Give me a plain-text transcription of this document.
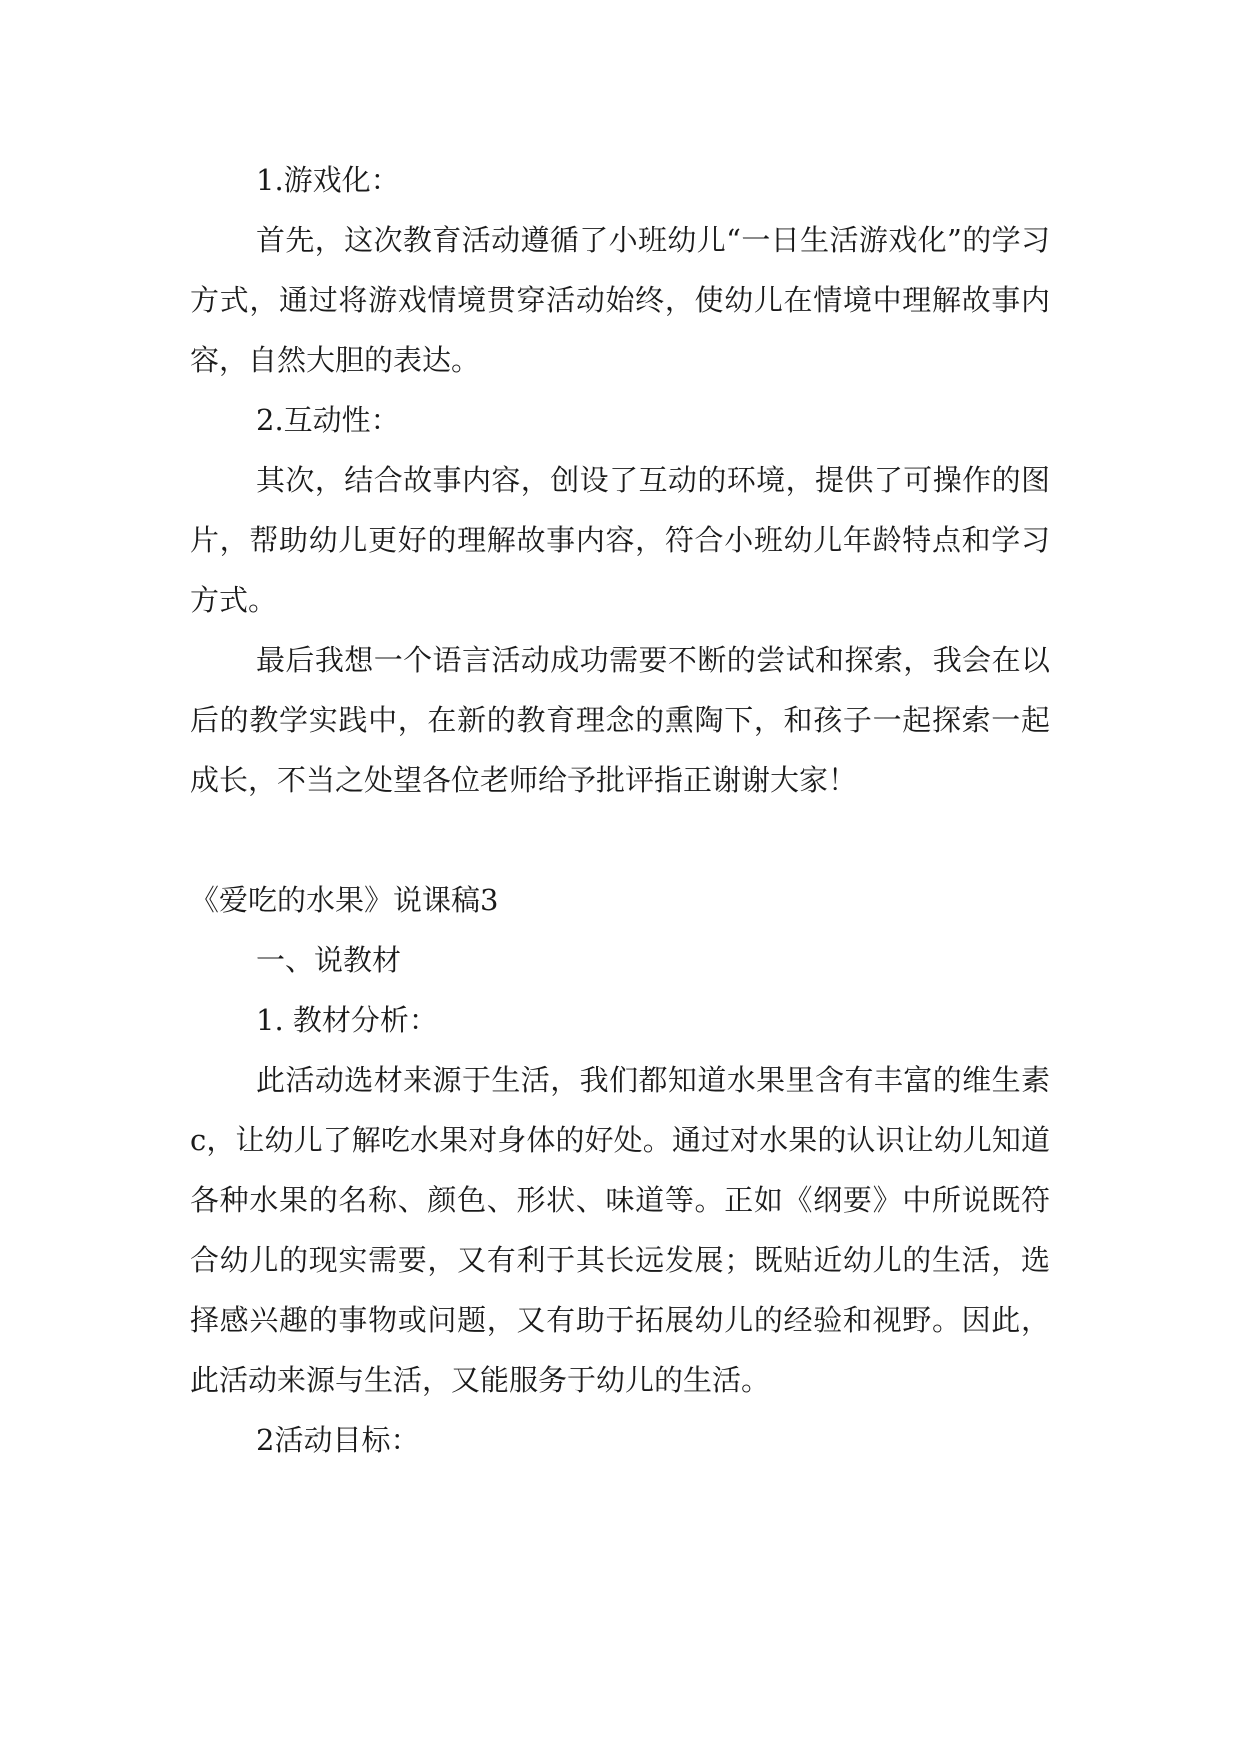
1.游戏化：
首先，这次教育活动遵循了小班幼儿“一日生活游戏化”的学习方式，通过将游戏情境贯穿活动始终，使幼儿在情境中理解故事内容，自然大胆的表达。
2.互动性：
其次，结合故事内容，创设了互动的环境，提供了可操作的图片，帮助幼儿更好的理解故事内容，符合小班幼儿年龄特点和学习方式。
最后我想一个语言活动成功需要不断的尝试和探索，我会在以后的教学实践中，在新的教育理念的熏陶下，和孩子一起探索一起成长，不当之处望各位老师给予批评指正谢谢大家！
《爱吃的水果》说课稿3
一、说教材
1. 教材分析：
此活动选材来源于生活，我们都知道水果里含有丰富的维生素c，让幼儿了解吃水果对身体的好处。通过对水果的认识让幼儿知道各种水果的名称、颜色、形状、味道等。正如《纲要》中所说既符合幼儿的现实需要，又有利于其长远发展；既贴近幼儿的生活，选择感兴趣的事物或问题，又有助于拓展幼儿的经验和视野。因此，此活动来源与生活，又能服务于幼儿的生活。
2活动目标：
